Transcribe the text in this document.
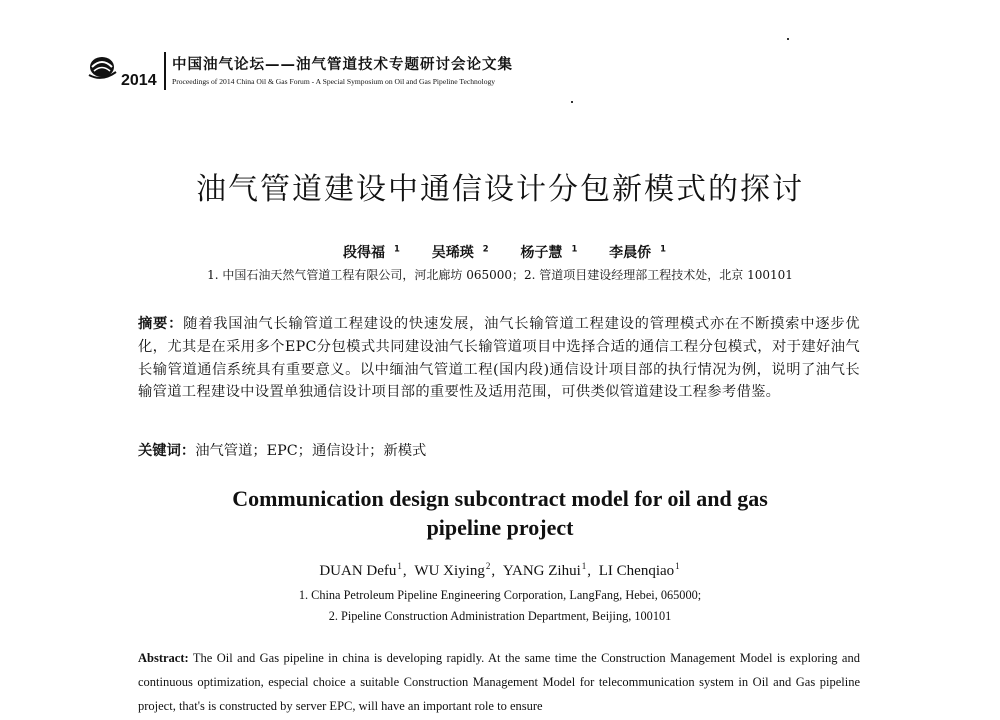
2014
中国油气论坛——油气管道技术专题研讨会论文集
Proceedings of 2014 China Oil & Gas Forum - A Special Symposium on Oil and Gas Pipeline Technology
油气管道建设中通信设计分包新模式的探讨
段得福 $^1$ 吴琋瑛 $^2$ 杨子慧 $^1$ 李晨侨 $^1$
1. 中国石油天然气管道工程有限公司，河北廊坊 065000；2. 管道项目建设经理部工程技术处，北京 100101
摘要：随着我国油气长输管道工程建设的快速发展，油气长输管道工程建设的管理模式亦在不断摸索中逐步优化，尤其是在采用多个EPC分包模式共同建设油气长输管道项目中选择合适的通信工程分包模式，对于建好油气长输管道通信系统具有重要意义。以中缅油气管道工程(国内段)通信设计项目部的执行情况为例，说明了油气长输管道工程建设中设置单独通信设计项目部的重要性及适用范围，可供类似管道建设工程参考借鉴。
关键词：油气管道；EPC；通信设计；新模式
Communication design subcontract model for oil and gas
pipeline project
DUAN Defu$^1$, WU Xiying$^2$, YANG Zihui$^1$, LI Chenqiao$^1$
1. China Petroleum Pipeline Engineering Corporation, LangFang, Hebei, 065000;
2. Pipeline Construction Administration Department, Beijing, 100101
Abstract: The Oil and Gas pipeline in china is developing rapidly. At the same time the Construction Management Model is exploring and continuous optimization, especial choice a suitable Construction Management Model for telecommunication system in Oil and Gas pipeline project, that's is constructed by server EPC, will have an important role to ensure
